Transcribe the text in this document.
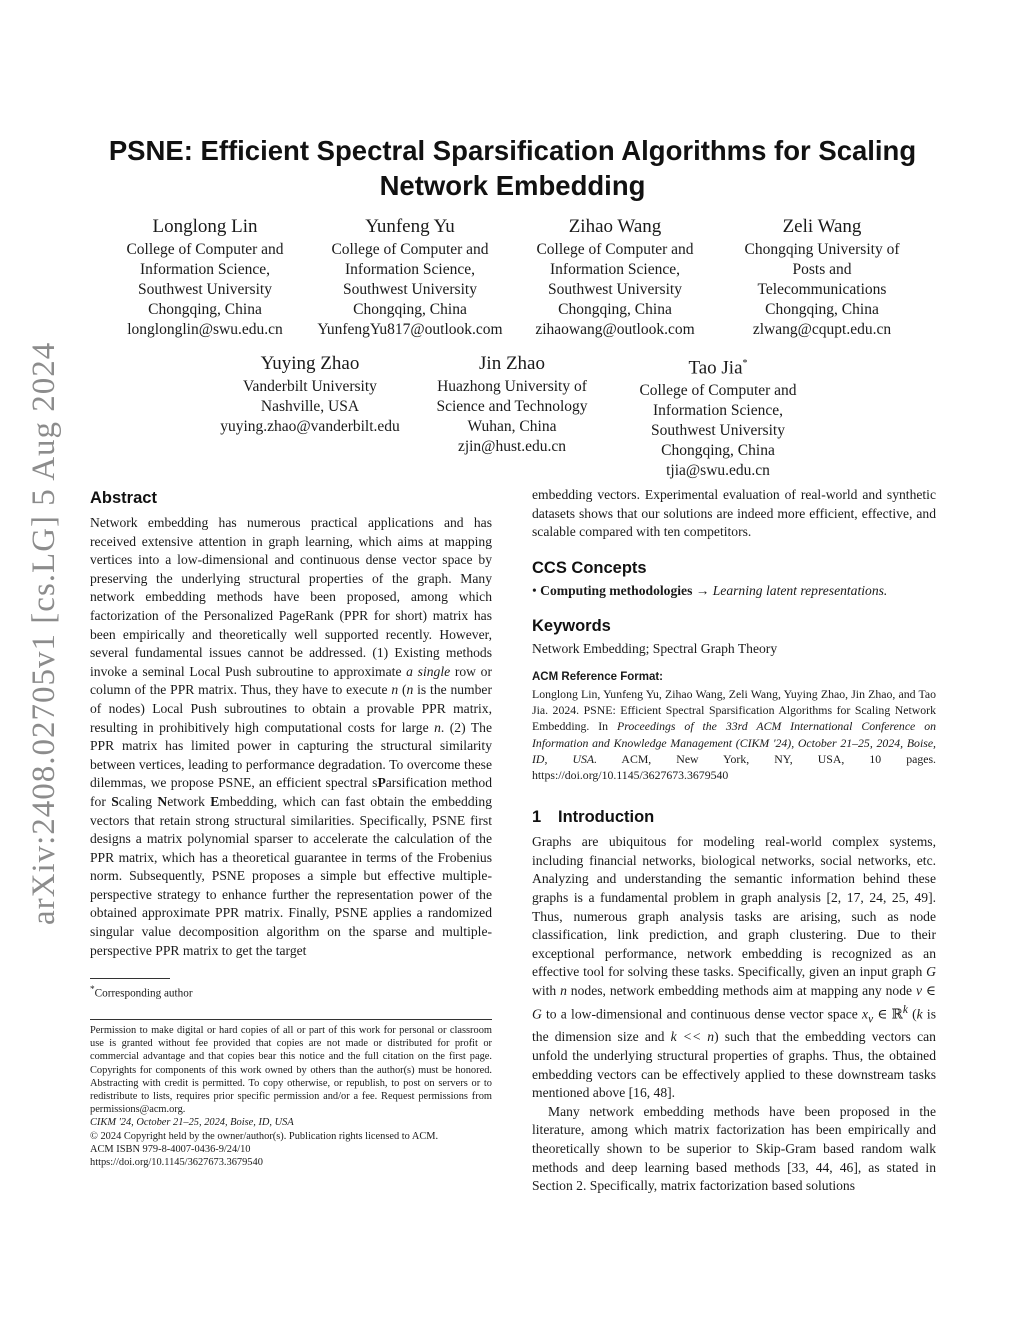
arXiv:2408.02705v1 [cs.LG] 5 Aug 2024
PSNE: Efficient Spectral Sparsification Algorithms for Scaling
Network Embedding
Longlong Lin
College of Computer and
Information Science,
Southwest University
Chongqing, China
longlonglin@swu.edu.cn
Yunfeng Yu
College of Computer and
Information Science,
Southwest University
Chongqing, China
YunfengYu817@outlook.com
Zihao Wang
College of Computer and
Information Science,
Southwest University
Chongqing, China
zihaowang@outlook.com
Zeli Wang
Chongqing University of
Posts and
Telecommunications
Chongqing, China
zlwang@cqupt.edu.cn
Yuying Zhao
Vanderbilt University
Nashville, USA
yuying.zhao@vanderbilt.edu
Jin Zhao
Huazhong University of
Science and Technology
Wuhan, China
zjin@hust.edu.cn
Tao Jia*
College of Computer and
Information Science,
Southwest University
Chongqing, China
tjia@swu.edu.cn
Abstract

Network embedding has numerous practical applications and has received extensive attention in graph learning, which aims at mapping vertices into a low-dimensional and continuous dense vector space by preserving the underlying structural properties of the graph. Many network embedding methods have been proposed, among which factorization of the Personalized PageRank (PPR for short) matrix has been empirically and theoretically well supported recently. However, several fundamental issues cannot be addressed. (1) Existing methods invoke a seminal Local Push subroutine to approximate a single row or column of the PPR matrix. Thus, they have to execute n (n is the number of nodes) Local Push subroutines to obtain a provable PPR matrix, resulting in prohibitively high computational costs for large n. (2) The PPR matrix has limited power in capturing the structural similarity between vertices, leading to performance degradation. To overcome these dilemmas, we propose PSNE, an efficient spectral sParsification method for Scaling Network Embedding, which can fast obtain the embedding vectors that retain strong structural similarities. Specifically, PSNE first designs a matrix polynomial sparser to accelerate the calculation of the PPR matrix, which has a theoretical guarantee in terms of the Frobenius norm. Subsequently, PSNE proposes a simple but effective multiple-perspective strategy to enhance further the representation power of the obtained approximate PPR matrix. Finally, PSNE applies a randomized singular value decomposition algorithm on the sparse and multiple-perspective PPR matrix to get the target

*Corresponding author
Permission to make digital or hard copies of all or part of this work for personal or classroom use is granted without fee provided that copies are not made or distributed for profit or commercial advantage and that copies bear this notice and the full citation on the first page. Copyrights for components of this work owned by others than the author(s) must be honored. Abstracting with credit is permitted. To copy otherwise, or republish, to post on servers or to redistribute to lists, requires prior specific permission and/or a fee. Request permissions from permissions@acm.org.
CIKM '24, October 21–25, 2024, Boise, ID, USA
© 2024 Copyright held by the owner/author(s). Publication rights licensed to ACM.
ACM ISBN 979-8-4007-0436-9/24/10
https://doi.org/10.1145/3627673.3679540

embedding vectors. Experimental evaluation of real-world and synthetic datasets shows that our solutions are indeed more efficient, effective, and scalable compared with ten competitors.

CCS Concepts
• Computing methodologies → Learning latent representations.
Keywords
Network Embedding; Spectral Graph Theory
ACM Reference Format:

Longlong Lin, Yunfeng Yu, Zihao Wang, Zeli Wang, Yuying Zhao, Jin Zhao, and Tao Jia. 2024. PSNE: Efficient Spectral Sparsification Algorithms for Scaling Network Embedding. In Proceedings of the 33rd ACM International Conference on Information and Knowledge Management (CIKM '24), October 21–25, 2024, Boise, ID, USA. ACM, New York, NY, USA, 10 pages. https://doi.org/10.1145/3627673.3679540

1 Introduction

Graphs are ubiquitous for modeling real-world complex systems, including financial networks, biological networks, social networks, etc. Analyzing and understanding the semantic information behind these graphs is a fundamental problem in graph analysis [2, 17, 24, 25, 49]. Thus, numerous graph analysis tasks are arising, such as node classification, link prediction, and graph clustering. Due to their exceptional performance, network embedding is recognized as an effective tool for solving these tasks. Specifically, given an input graph G with n nodes, network embedding methods aim at mapping any node v ∈ G to a low-dimensional and continuous dense vector space $x_v$ ∈ ℝ$^k$ (k is the dimension size and k << n) such that the embedding vectors can unfold the underlying structural properties of graphs. Thus, the obtained embedding vectors can be effectively applied to these downstream tasks mentioned above [16, 48].

Many network embedding methods have been proposed in the literature, among which matrix factorization has been empirically and theoretically shown to be superior to Skip-Gram based random walk methods and deep learning based methods [33, 44, 46], as stated in Section 2. Specifically, matrix factorization based solutions
